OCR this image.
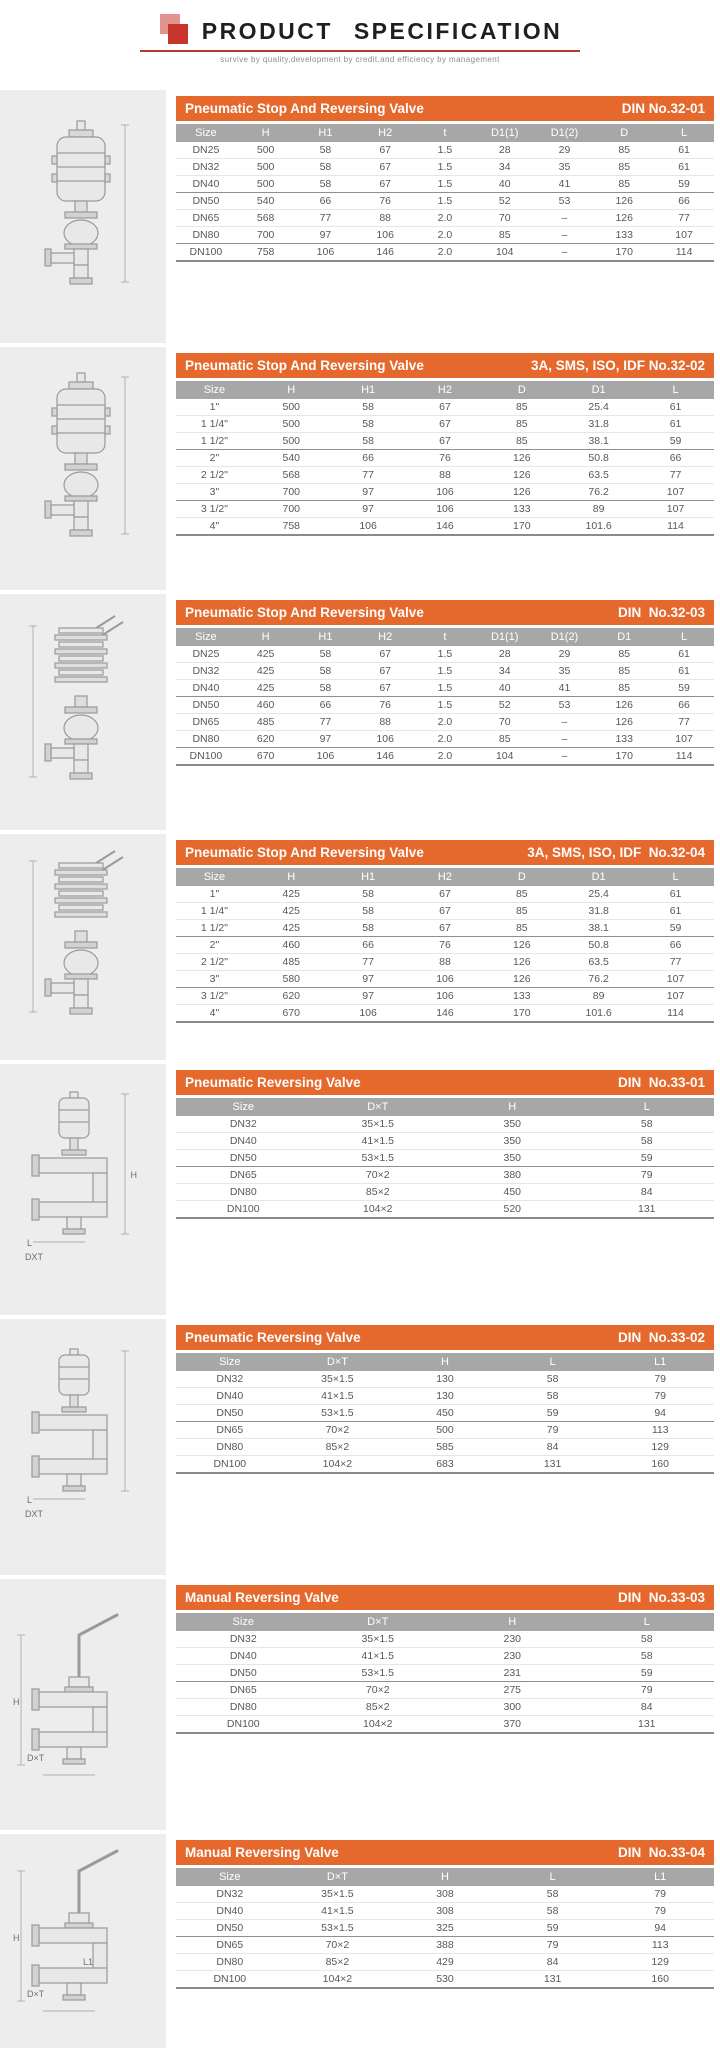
PRODUCT SPECIFICATION
survive by quality,development by credit,and efficiency by management
Pneumatic Stop And Reversing Valve	DIN No.32-01
Size	H	H1	H2	t	D1(1)	D1(2)	D	L
DN25	500	58	67	1.5	28	29	85	61
DN32	500	58	67	1.5	34	35	85	61
DN40	500	58	67	1.5	40	41	85	59
DN50	540	66	76	1.5	52	53	126	66
DN65	568	77	88	2.0	70	–	126	77
DN80	700	97	106	2.0	85	–	133	107
DN100	758	106	146	2.0	104	–	170	114
Pneumatic Stop And Reversing Valve	3A, SMS, ISO, IDF No.32-02
Size	H	H1	H2	D	D1	L
1"	500	58	67	85	25.4	61
1 1/4"	500	58	67	85	31.8	61
1 1/2"	500	58	67	85	38.1	59
2"	540	66	76	126	50.8	66
2 1/2"	568	77	88	126	63.5	77
3"	700	97	106	126	76.2	107
3 1/2"	700	97	106	133	89	107
4"	758	106	146	170	101.6	114
Pneumatic Stop And Reversing Valve	DIN  No.32-03
Size	H	H1	H2	t	D1(1)	D1(2)	D1	L
DN25	425	58	67	1.5	28	29	85	61
DN32	425	58	67	1.5	34	35	85	61
DN40	425	58	67	1.5	40	41	85	59
DN50	460	66	76	1.5	52	53	126	66
DN65	485	77	88	2.0	70	–	126	77
DN80	620	97	106	2.0	85	–	133	107
DN100	670	106	146	2.0	104	–	170	114
Pneumatic Stop And Reversing Valve	3A, SMS, ISO, IDF  No.32-04
Size	H	H1	H2	D	D1	L
1"	425	58	67	85	25.4	61
1 1/4"	425	58	67	85	31.8	61
1 1/2"	425	58	67	85	38.1	59
2"	460	66	76	126	50.8	66
2 1/2"	485	77	88	126	63.5	77
3"	580	97	106	126	76.2	107
3 1/2"	620	97	106	133	89	107
4"	670	106	146	170	101.6	114
H
L
DXT
Pneumatic Reversing Valve	DIN  No.33-01
Size	D×T	H	L
DN32	35×1.5	350	58
DN40	41×1.5	350	58
DN50	53×1.5	350	59
DN65	70×2	380	79
DN80	85×2	450	84
DN100	104×2	520	131
L
DXT
Pneumatic Reversing Valve	DIN  No.33-02
Size	D×T	H	L	L1
DN32	35×1.5	130	58	79
DN40	41×1.5	130	58	79
DN50	53×1.5	450	59	94
DN65	70×2	500	79	113
DN80	85×2	585	84	129
DN100	104×2	683	131	160
H
D×T
Manual Reversing Valve	DIN  No.33-03
Size	D×T	H	L
DN32	35×1.5	230	58
DN40	41×1.5	230	58
DN50	53×1.5	231	59
DN65	70×2	275	79
DN80	85×2	300	84
DN100	104×2	370	131
H
L1
D×T
Manual Reversing Valve	DIN  No.33-04
Size	D×T	H	L	L1
DN32	35×1.5	308	58	79
DN40	41×1.5	308	58	79
DN50	53×1.5	325	59	94
DN65	70×2	388	79	113
DN80	85×2	429	84	129
DN100	104×2	530	131	160
